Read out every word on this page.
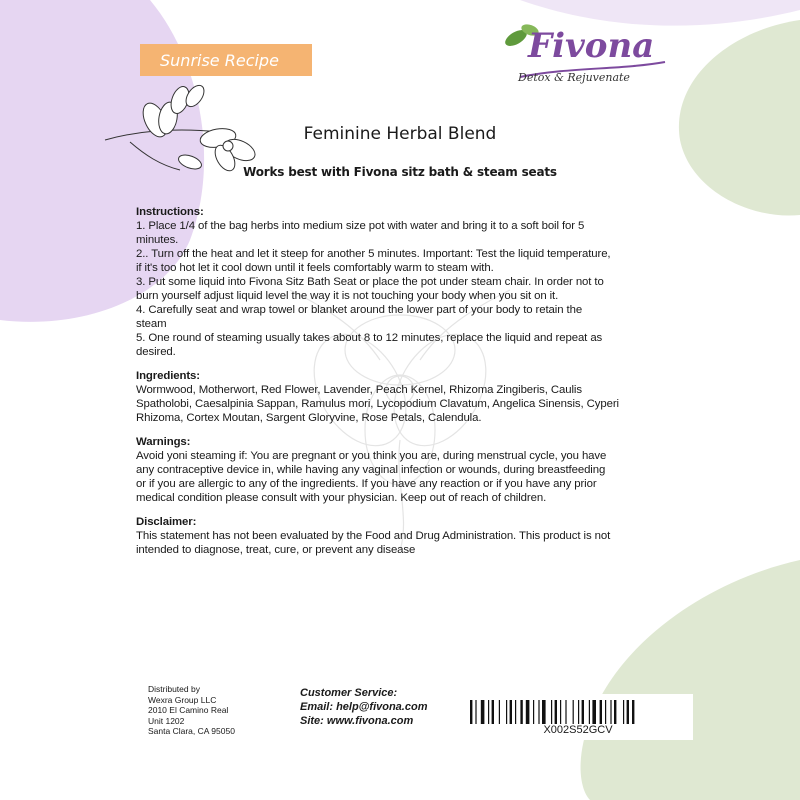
Sunrise Recipe	Fivona
Detox & Rejuvenate
Feminine Herbal Blend
Works best with Fivona sitz bath & steam seats
Instructions:
1. Place 1/4 of the bag herbs into medium size pot with water and bring it to a soft boil for 5
minutes.
2.. Turn off the heat and let it steep for another 5 minutes. Important: Test the liquid temperature,
if it's too hot let it cool down until it feels comfortably warm to steam with.
3. Put some liquid into Fivona Sitz Bath Seat or place the pot under steam chair. In order not to
burn yourself adjust liquid level the way it is not touching your body when you sit on it.
4. Carefully seat and wrap towel or blanket around the lower part of your body to retain the
steam
5. One round of steaming usually takes about 8 to 12 minutes, replace the liquid and repeat as
desired.
Ingredients:
Wormwood, Motherwort, Red Flower, Lavender, Peach Kernel, Rhizoma Zingiberis, Caulis
Spatholobi, Caesalpinia Sappan, Ramulus mori, Lycopodium Clavatum, Angelica Sinensis, Cyperi
Rhizoma, Cortex Moutan, Sargent Gloryvine, Rose Petals, Calendula.
Warnings:
Avoid yoni steaming if: You are pregnant or you think you are, during menstrual cycle, you have
any contraceptive device in, while having any vaginal infection or wounds, during breastfeeding
or if you are allergic to any of the ingredients. If you have any reaction or if you have any prior
medical condition please consult with your physician. Keep out of reach of children.
Disclaimer:
This statement has not been evaluated by the Food and Drug Administration. This product is not
intended to diagnose, treat, cure, or prevent any disease
Distributed by
Wexra Group LLC
2010 El Camino Real
Unit 1202
Santa Clara, CA 95050
Customer Service:
Email: help@fivona.com
Site: www.fivona.com
X002S52GCV
